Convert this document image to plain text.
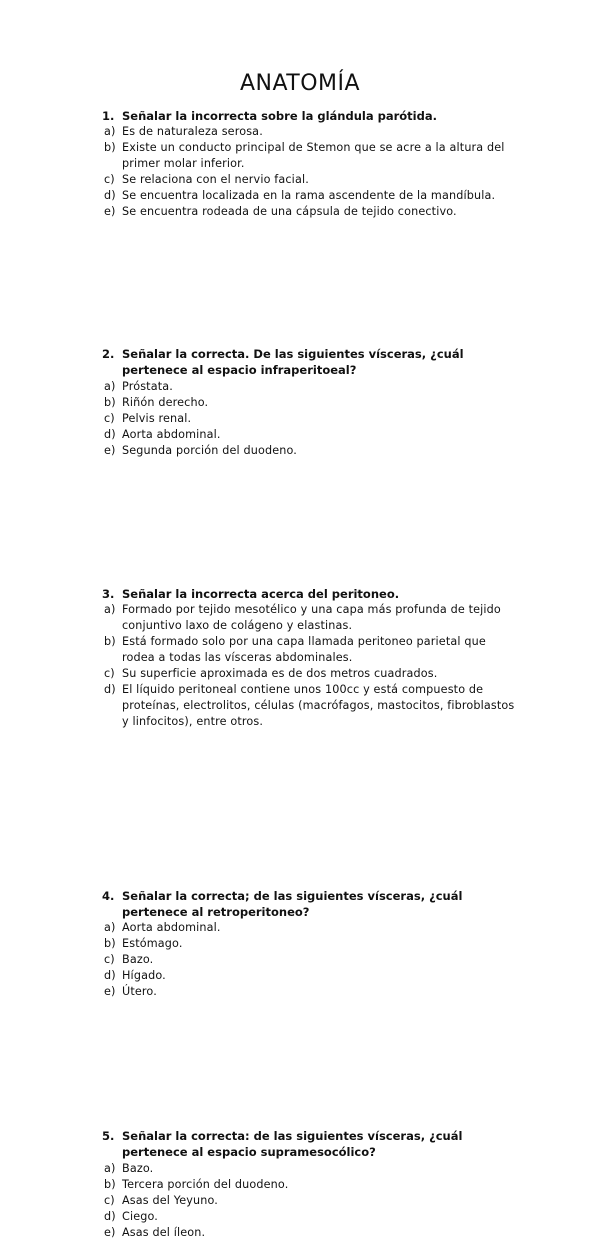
ANATOMÍA
1. Señalar la incorrecta sobre la glándula parótida.
a) Es de naturaleza serosa.
b) Existe un conducto principal de Stemon que se acre a la altura del primer molar inferior.
c) Se relaciona con el nervio facial.
d) Se encuentra localizada en la rama ascendente de la mandíbula.
e) Se encuentra rodeada de una cápsula de tejido conectivo.
2. Señalar la correcta. De las siguientes vísceras, ¿cuál pertenece al espacio infraperitoeal?
a) Próstata.
b) Riñón derecho.
c) Pelvis renal.
d) Aorta abdominal.
e) Segunda porción del duodeno.
3. Señalar la incorrecta acerca del peritoneo.
a) Formado por tejido mesotélico y una capa más profunda de tejido conjuntivo laxo de colágeno y elastinas.
b) Está formado solo por una capa llamada peritoneo parietal que rodea a todas las vísceras abdominales.
c) Su superficie aproximada es de dos metros cuadrados.
d) El líquido peritoneal contiene unos 100cc y está compuesto de proteínas, electrolitos, células (macrófagos, mastocitos, fibroblastos y linfocitos), entre otros.
4. Señalar la correcta; de las siguientes vísceras, ¿cuál pertenece al retroperitoneo?
a) Aorta abdominal.
b) Estómago.
c) Bazo.
d) Hígado.
e) Útero.
5. Señalar la correcta: de las siguientes vísceras, ¿cuál pertenece al espacio supramesocólico?
a) Bazo.
b) Tercera porción del duodeno.
c) Asas del Yeyuno.
d) Ciego.
e) Asas del íleon.
